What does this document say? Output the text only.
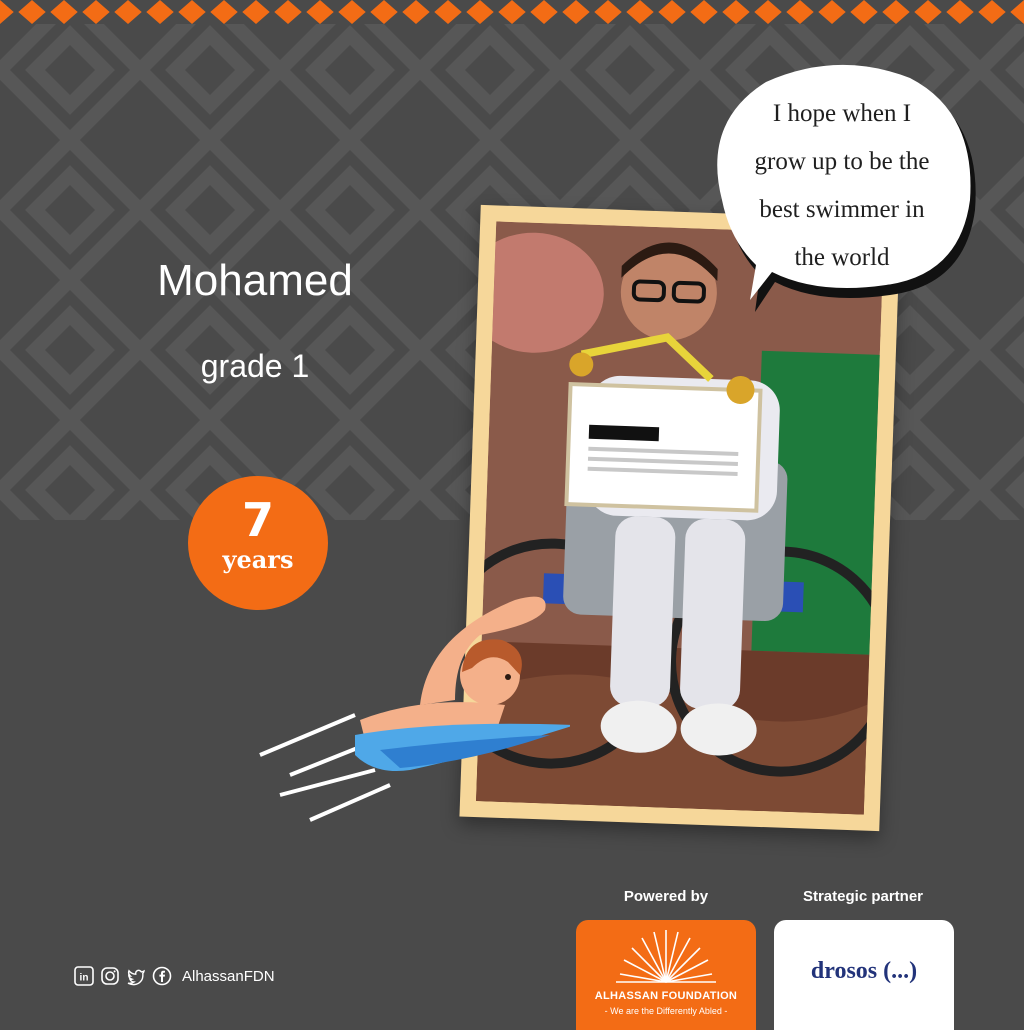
Mohamed
grade 1
7
years
I hope when I
grow up to be the
best swimmer in
the world
in	AlhassanFDN
Powered by	Strategic partner
ALHASSAN FOUNDATION
- We are the Differently Abled -
drosos (...)
